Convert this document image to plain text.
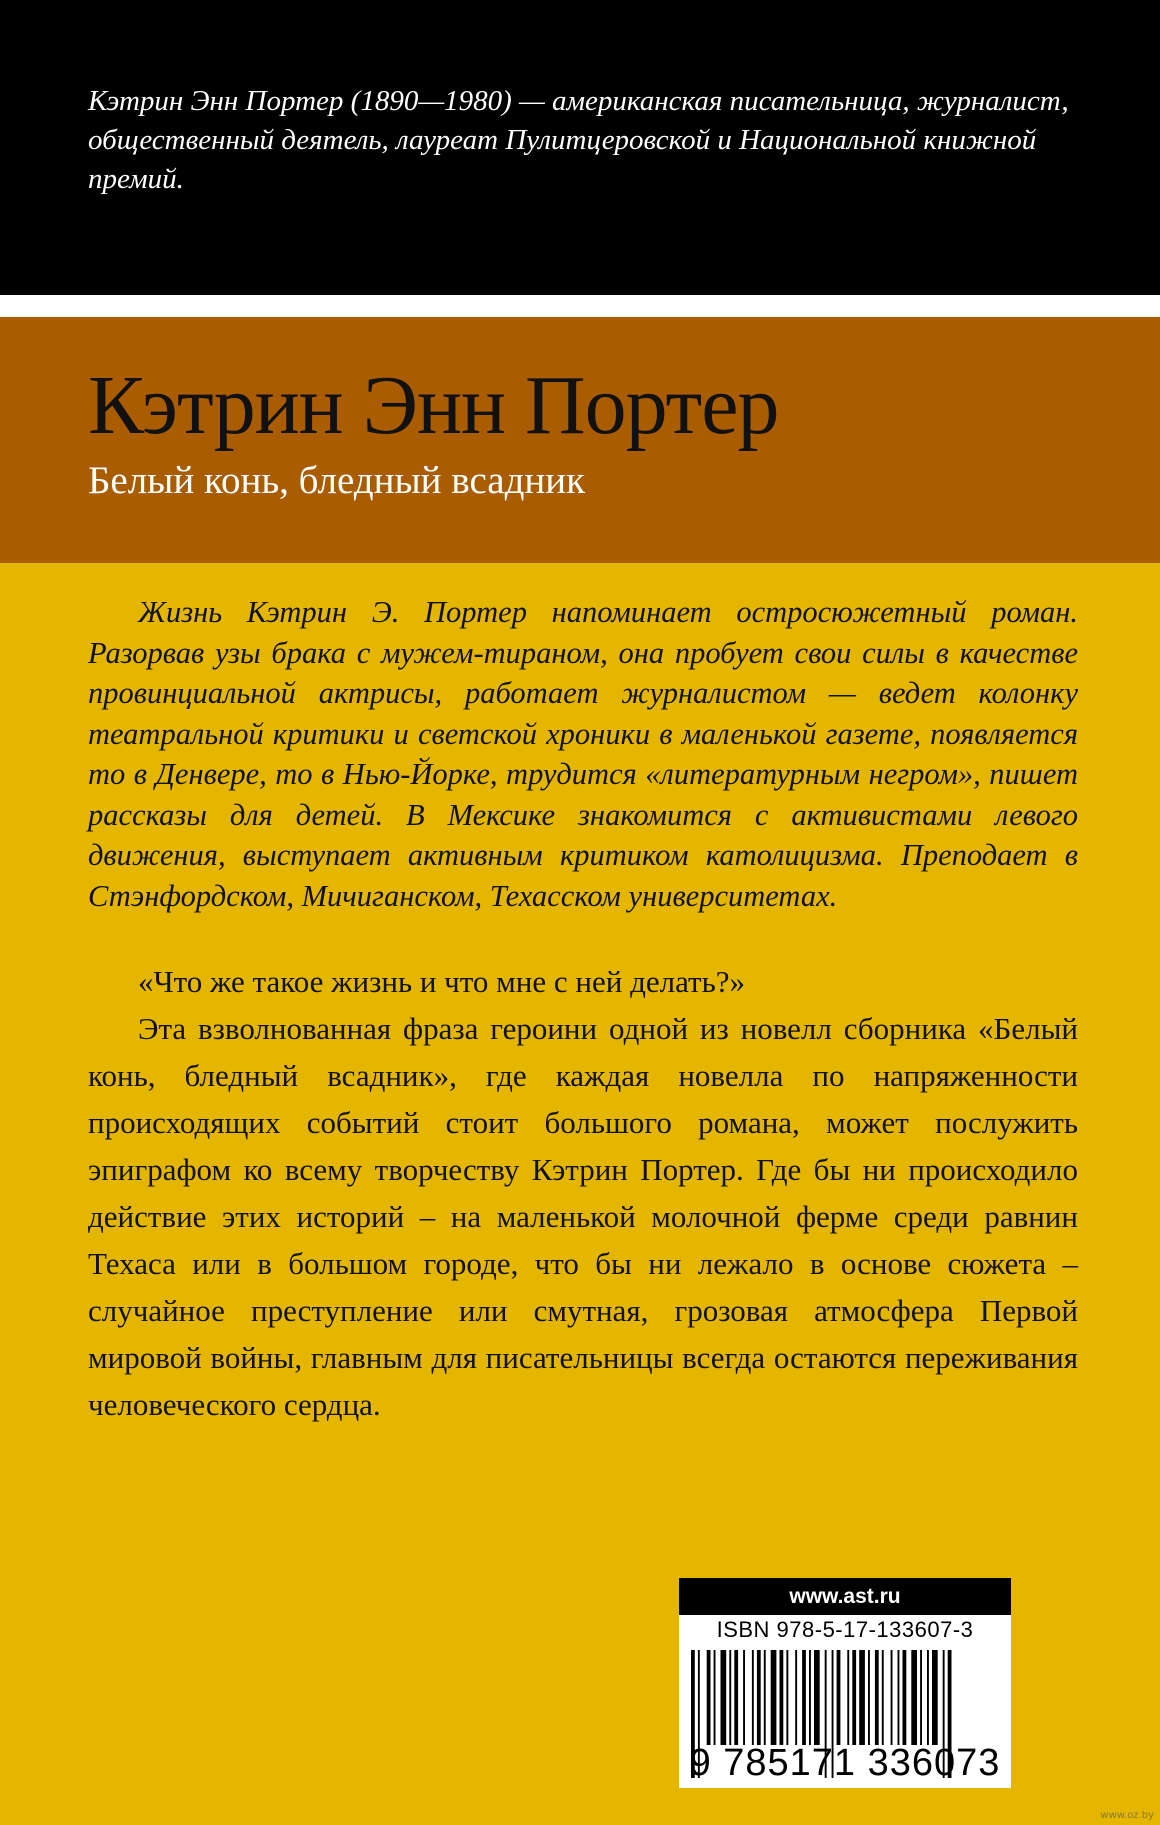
Кэтрин Энн Портер (1890—1980) — американская писательница, журналист, общественный деятель, лауреат Пулитцеровской и Национальной книжной премий.

Кэтрин Энн Портер
Белый конь, бледный всадник

Жизнь Кэтрин Э. Портер напоминает остросюжетный роман. Разорвав узы брака с мужем-тираном, она пробует свои силы в качестве провинциальной актрисы, работает журналистом — ведет колонку театральной критики и светской хроники в маленькой газете, появляется то в Денвере, то в Нью-Йорке, трудится «литературным негром», пишет рассказы для детей. В Мексике знакомится с активистами левого движения, выступает активным критиком католицизма. Преподает в Стэнфордском, Мичиганском, Техасском университетах.

«Что же такое жизнь и что мне с ней делать?»

Эта взволнованная фраза героини одной из новелл сборника «Белый конь, бледный всадник», где каждая новелла по напряженности происходящих событий стоит большого романа, может послужить эпиграфом ко всему творчеству Кэтрин Портер. Где бы ни происходило действие этих историй – на маленькой молочной ферме среди равнин Техаса или в большом городе, что бы ни лежало в основе сюжета – случайное преступление или смутная, грозовая атмосфера Первой мировой войны, главным для писательницы всегда остаются переживания человеческого сердца.

www.ast.ru
ISBN 978-5-17-133607-3
9 785171 336073
www.oz.by
